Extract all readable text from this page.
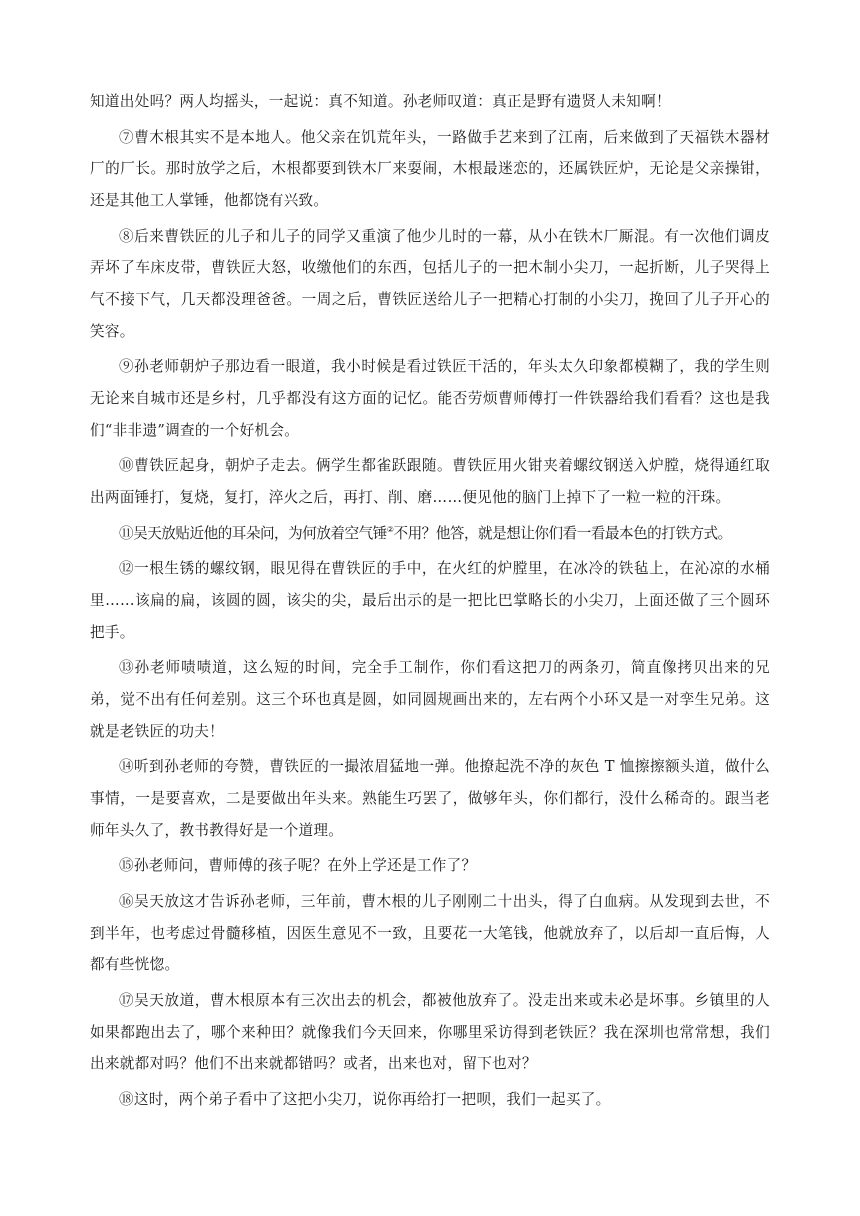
知道出处吗？两人均摇头，一起说：真不知道。孙老师叹道：真正是野有遗贤人未知啊！

⑦曹木根其实不是本地人。他父亲在饥荒年头，一路做手艺来到了江南，后来做到了天福铁木器材厂的厂长。那时放学之后，木根都要到铁木厂来耍闹，木根最迷恋的，还属铁匠炉，无论是父亲操钳，还是其他工人掌锤，他都饶有兴致。

⑧后来曹铁匠的儿子和儿子的同学又重演了他少儿时的一幕，从小在铁木厂厮混。有一次他们调皮弄坏了车床皮带，曹铁匠大怒，收缴他们的东西，包括儿子的一把木制小尖刀，一起折断，儿子哭得上气不接下气，几天都没理爸爸。一周之后，曹铁匠送给儿子一把精心打制的小尖刀，挽回了儿子开心的笑容。

⑨孙老师朝炉子那边看一眼道，我小时候是看过铁匠干活的，年头太久印象都模糊了，我的学生则无论来自城市还是乡村，几乎都没有这方面的记忆。能否劳烦曹师傅打一件铁器给我们看看？这也是我们“非非遗”调查的一个好机会。

⑩曹铁匠起身，朝炉子走去。俩学生都雀跃跟随。曹铁匠用火钳夹着螺纹钢送入炉膛，烧得通红取出两面锤打，复烧，复打，淬火之后，再打、削、磨……便见他的脑门上掉下了一粒一粒的汗珠。

⑪吴天放贴近他的耳朵问，为何放着空气锤②不用？他答，就是想让你们看一看最本色的打铁方式。

⑫一根生锈的螺纹钢，眼见得在曹铁匠的手中，在火红的炉膛里，在冰冷的铁毡上，在沁凉的水桶里……该扁的扁，该圆的圆，该尖的尖，最后出示的是一把比巴掌略长的小尖刀，上面还做了三个圆环把手。

⑬孙老师啧啧道，这么短的时间，完全手工制作，你们看这把刀的两条刃，简直像拷贝出来的兄弟，觉不出有任何差别。这三个环也真是圆，如同圆规画出来的，左右两个小环又是一对孪生兄弟。这就是老铁匠的功夫！

⑭听到孙老师的夸赞，曹铁匠的一撮浓眉猛地一弹。他撩起洗不净的灰色 T 恤擦擦额头道，做什么事情，一是要喜欢，二是要做出年头来。熟能生巧罢了，做够年头，你们都行，没什么稀奇的。跟当老师年头久了，教书教得好是一个道理。

⑮孙老师问，曹师傅的孩子呢？在外上学还是工作了？

⑯吴天放这才告诉孙老师，三年前，曹木根的儿子刚刚二十出头，得了白血病。从发现到去世，不到半年，也考虑过骨髓移植，因医生意见不一致，且要花一大笔钱，他就放弃了，以后却一直后悔，人都有些恍惚。

⑰吴天放道，曹木根原本有三次出去的机会，都被他放弃了。没走出来或未必是坏事。乡镇里的人如果都跑出去了，哪个来种田？就像我们今天回来，你哪里采访得到老铁匠？我在深圳也常常想，我们出来就都对吗？他们不出来就都错吗？或者，出来也对，留下也对？

⑱这时，两个弟子看中了这把小尖刀，说你再给打一把呗，我们一起买了。
